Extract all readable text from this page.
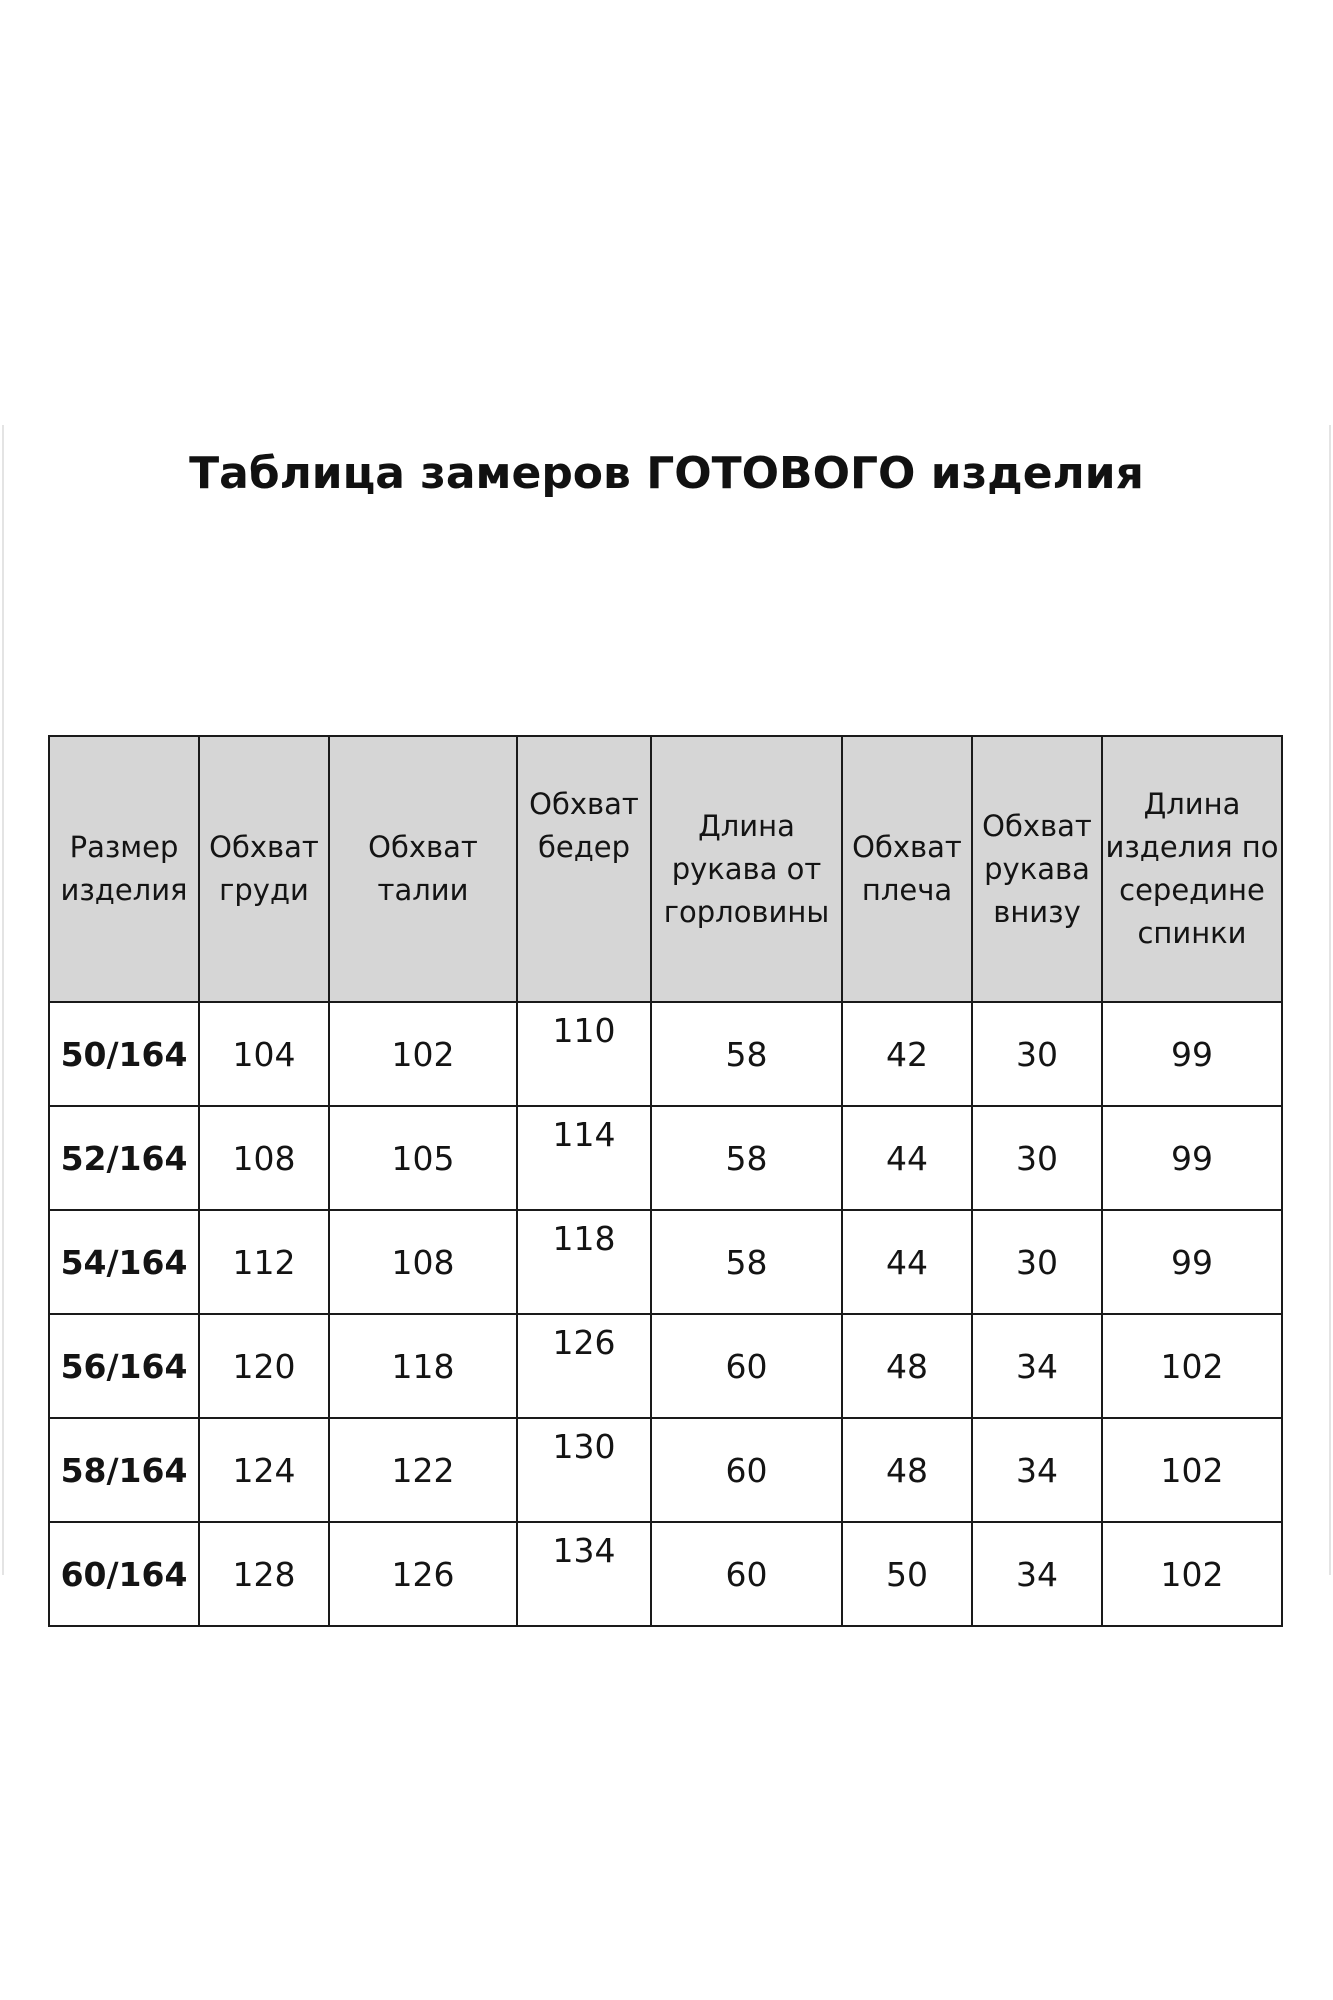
Таблица замеров ГОТОВОГО изделия
Размер изделия	Обхват груди	Обхват талии	Обхват бедер	Длина рукава от горловины	Обхват плеча	Обхват рукава внизу	Длина изделия по середине спинки
50/164	104	102	110	58	42	30	99
52/164	108	105	114	58	44	30	99
54/164	112	108	118	58	44	30	99
56/164	120	118	126	60	48	34	102
58/164	124	122	130	60	48	34	102
60/164	128	126	134	60	50	34	102
